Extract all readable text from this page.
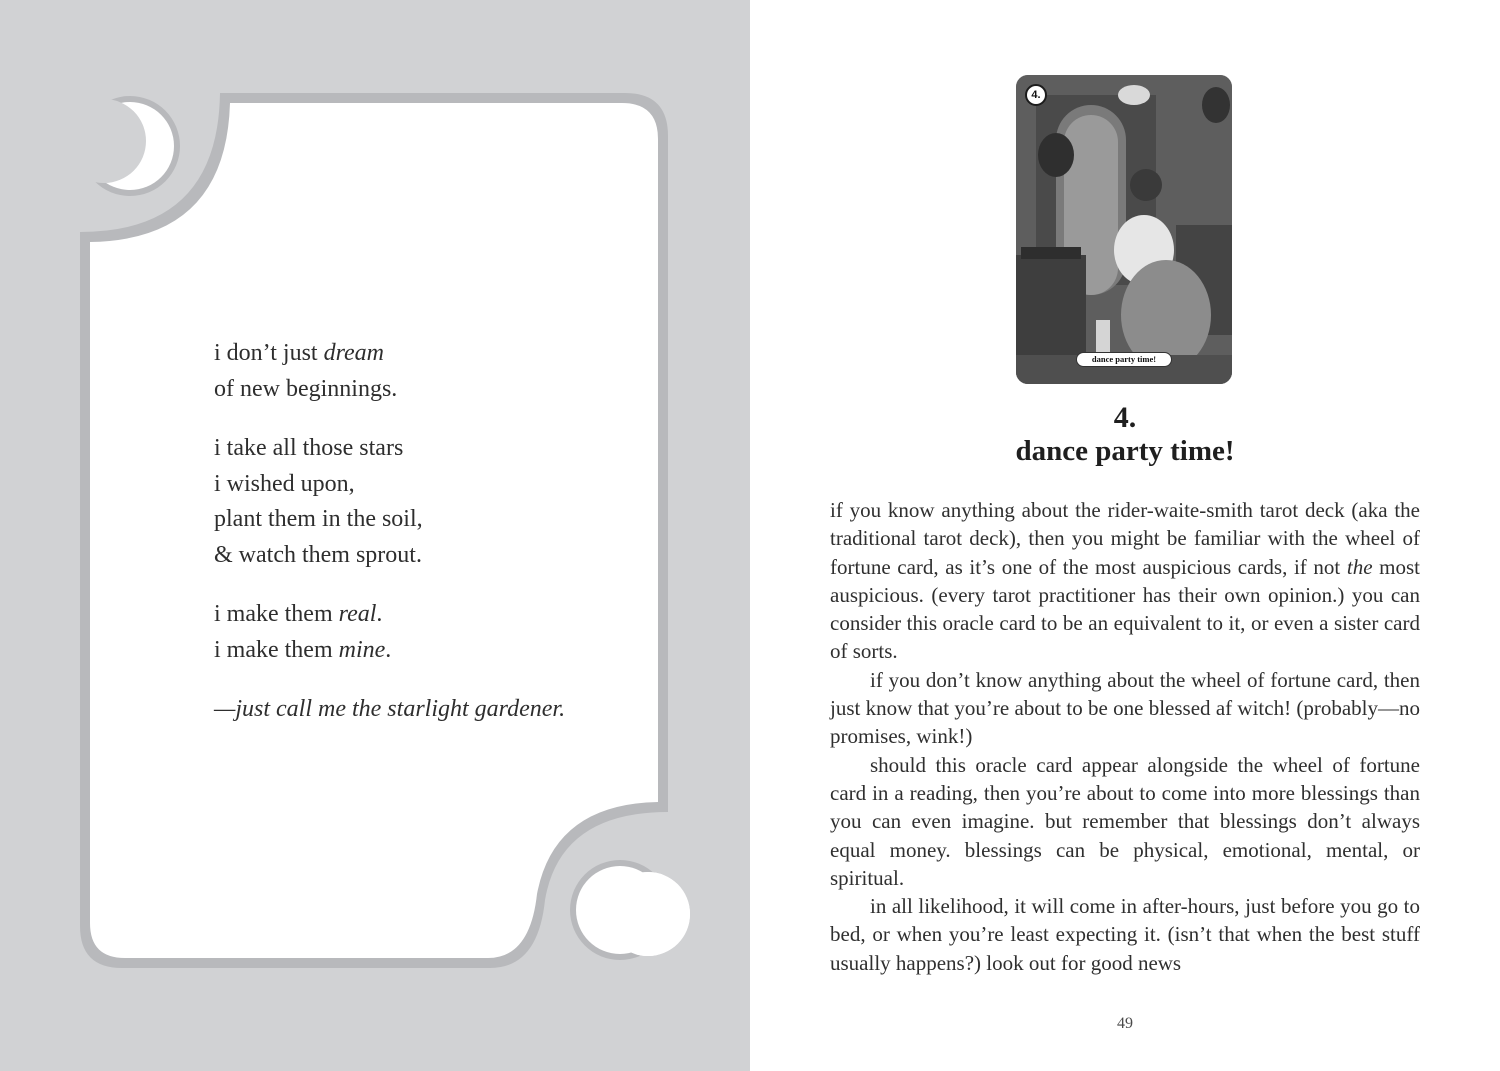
i don’t just dream
of new beginnings.
i take all those stars
i wished upon,
plant them in the soil,
& watch them sprout.
i make them real.
i make them mine.
—just call me the starlight gardener.
4.
dance party time!
4.
dance party time!

if you know anything about the rider-waite-smith tarot deck (aka the traditional tarot deck), then you might be familiar with the wheel of fortune card, as it’s one of the most auspicious cards, if not the most auspicious. (every tarot practitioner has their own opinion.) you can consider this oracle card to be an equivalent to it, or even a sister card of sorts.

if you don’t know anything about the wheel of fortune card, then just know that you’re about to be one blessed af witch! (probably—no promises, wink!)

should this oracle card appear alongside the wheel of fortune card in a reading, then you’re about to come into more blessings than you can even imagine. but remember that blessings don’t always equal money. blessings can be physical, emotional, mental, or spiritual.

in all likelihood, it will come in after-hours, just before you go to bed, or when you’re least expecting it. (isn’t that when the best stuff usually happens?) look out for good news

49
